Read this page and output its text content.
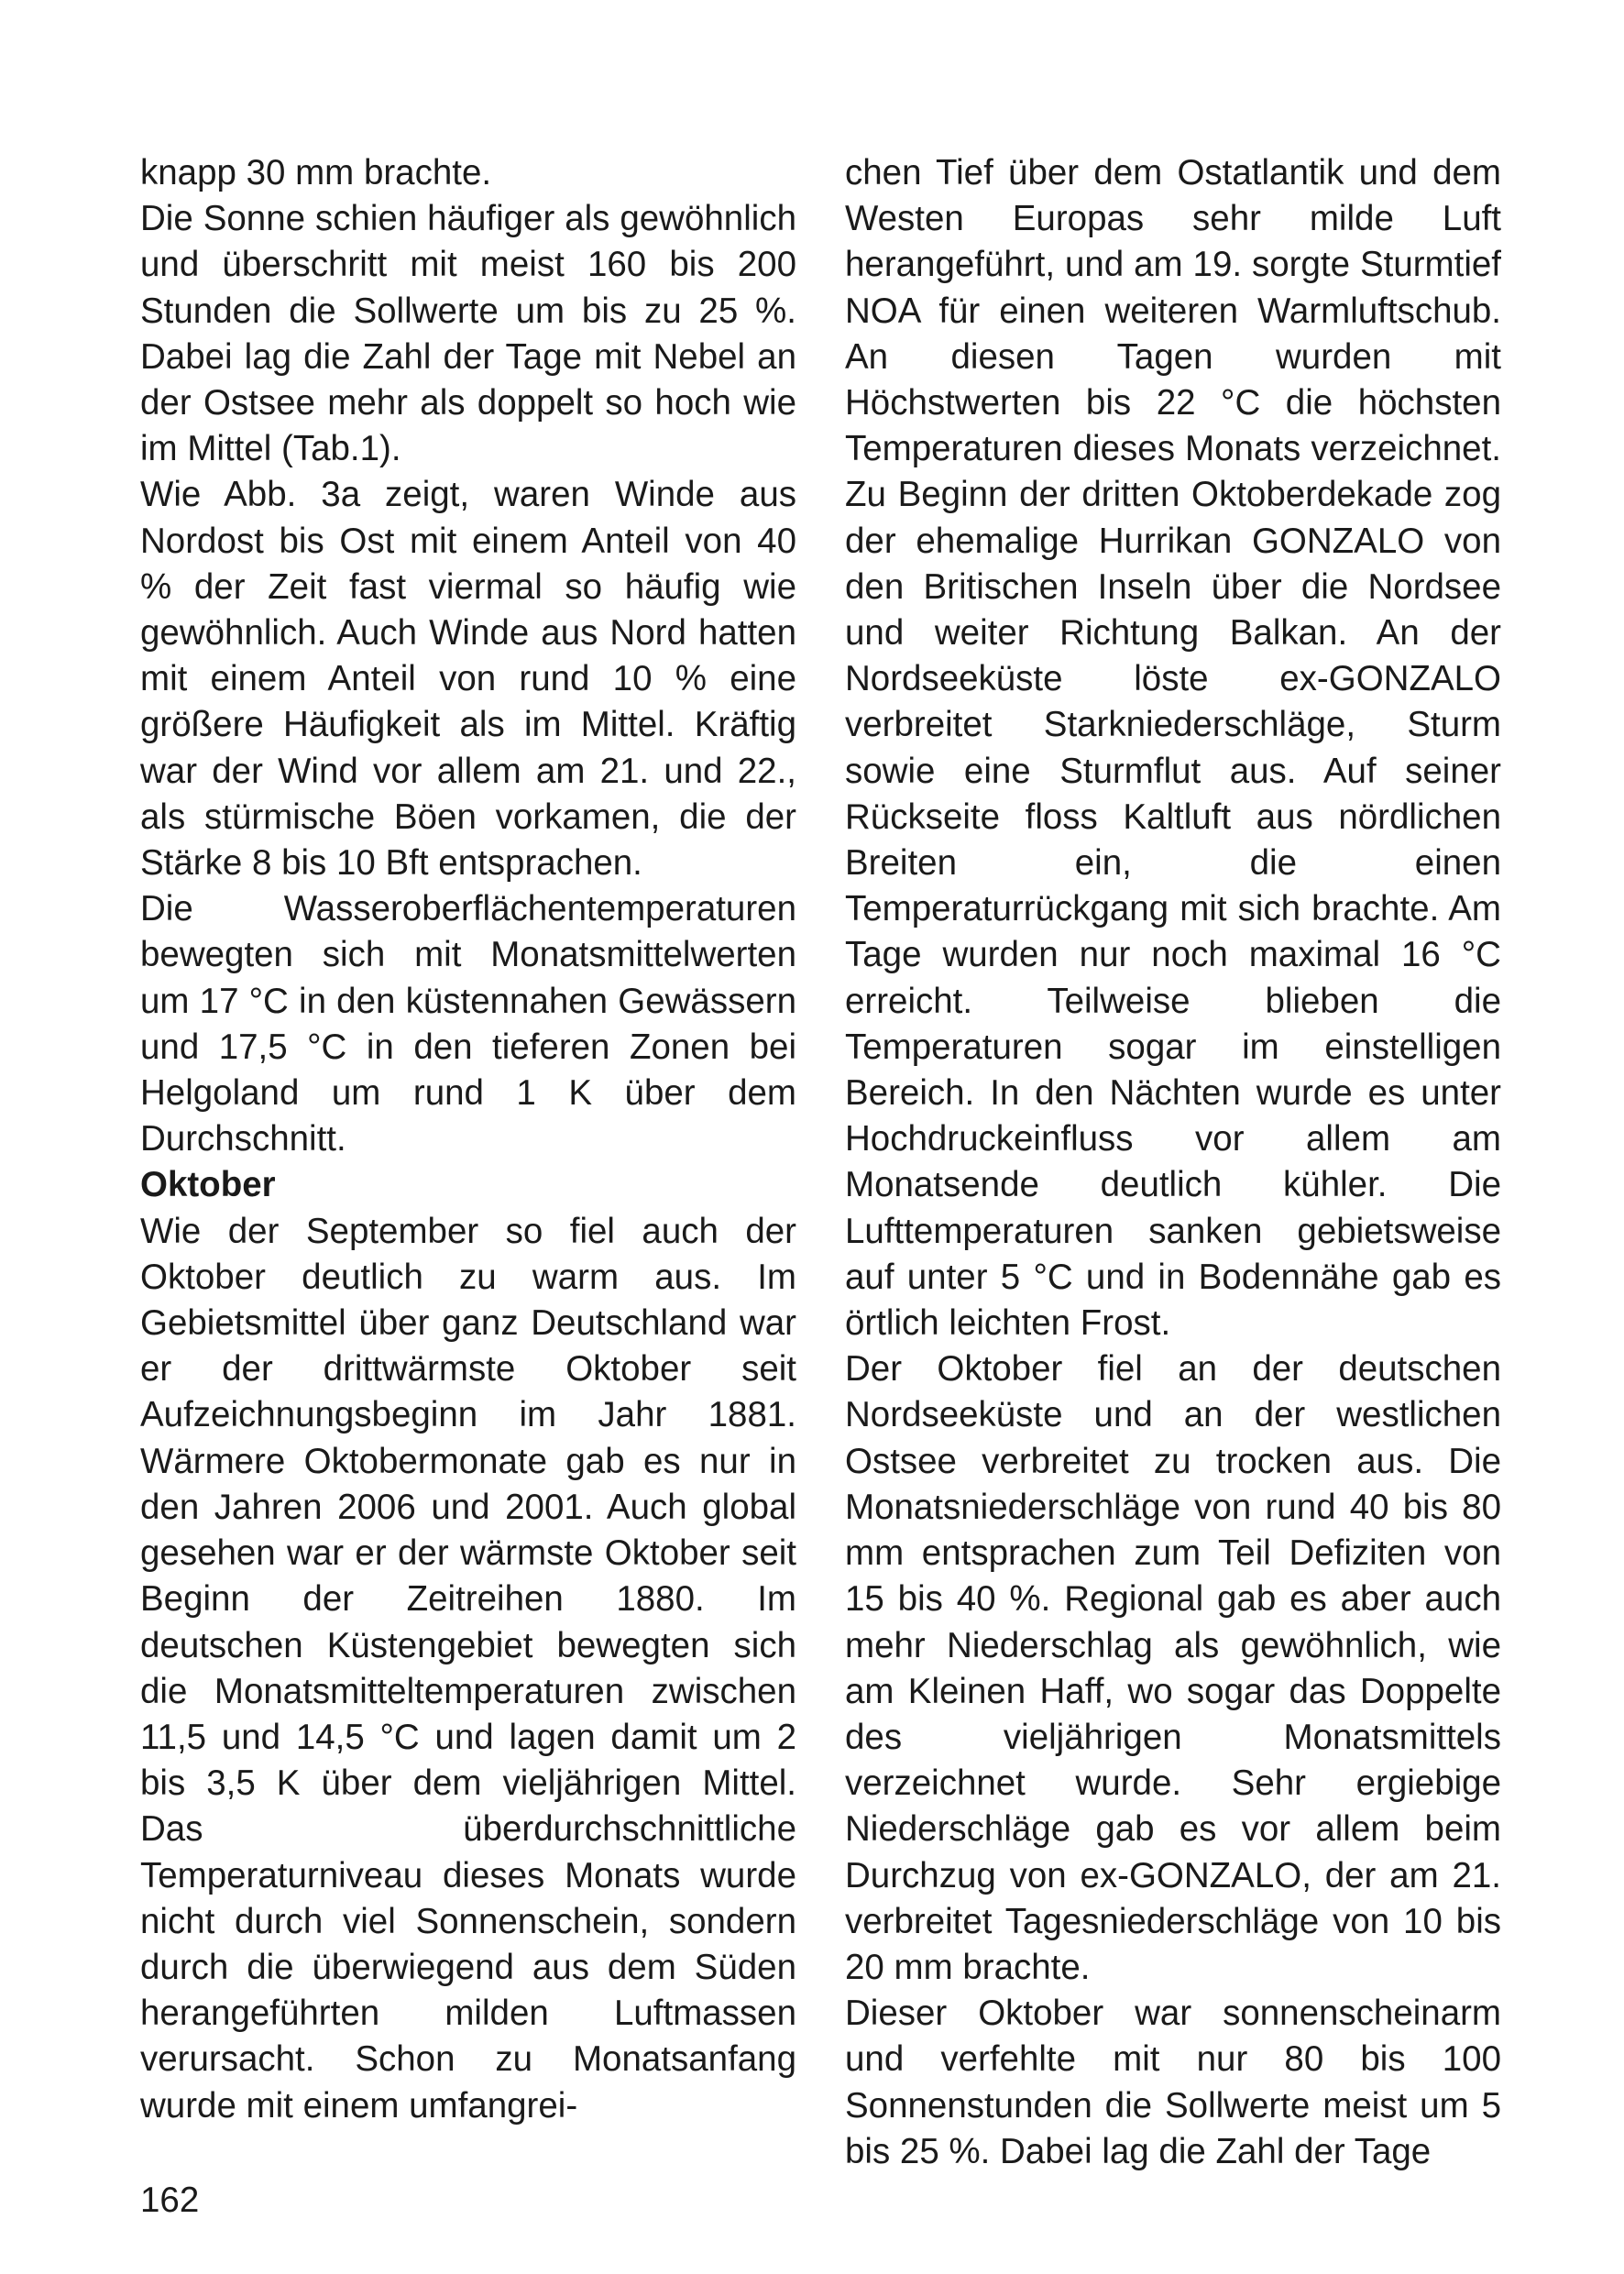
knapp 30 mm brachte.

Die Sonne schien häufiger als gewöhnlich und überschritt mit meist 160 bis 200 Stunden die Sollwerte um bis zu 25 %. Dabei lag die Zahl der Tage mit Nebel an der Ostsee mehr als doppelt so hoch wie im Mittel (Tab.1).

Wie Abb. 3a zeigt, waren Winde aus Nordost bis Ost mit einem Anteil von 40 % der Zeit fast viermal so häufig wie gewöhnlich. Auch Winde aus Nord hatten mit einem Anteil von rund 10 % eine größere Häufigkeit als im Mittel. Kräftig war der Wind vor allem am 21. und 22., als stürmische Böen vorkamen, die der Stärke 8 bis 10 Bft entsprachen.

Die Wasseroberflächentemperaturen bewegten sich mit Monatsmittelwerten um 17 °C in den küstennahen Gewässern und 17,5 °C in den tieferen Zonen bei Helgoland um rund 1 K über dem Durchschnitt.

Oktober

Wie der September so fiel auch der Oktober deutlich zu warm aus. Im Gebietsmittel über ganz Deutschland war er der drittwärmste Oktober seit Aufzeichnungsbeginn im Jahr 1881. Wärmere Oktobermonate gab es nur in den Jahren 2006 und 2001. Auch global gesehen war er der wärmste Oktober seit Beginn der Zeitreihen 1880. Im deutschen Küstengebiet bewegten sich die Monatsmitteltemperaturen zwischen 11,5 und 14,5 °C und lagen damit um 2 bis 3,5 K über dem vieljährigen Mittel. Das überdurchschnittliche Temperaturniveau dieses Monats wurde nicht durch viel Sonnenschein, sondern durch die überwiegend aus dem Süden herangeführten milden Luftmassen verursacht. Schon zu Monatsanfang wurde mit einem umfangrei-

chen Tief über dem Ostatlantik und dem Westen Europas sehr milde Luft herangeführt, und am 19. sorgte Sturmtief NOA für einen weiteren Warmluftschub. An diesen Tagen wurden mit Höchstwerten bis 22 °C die höchsten Temperaturen dieses Monats verzeichnet. Zu Beginn der dritten Oktoberdekade zog der ehemalige Hurrikan GONZALO von den Britischen Inseln über die Nordsee und weiter Richtung Balkan. An der Nordseeküste löste ex-GONZALO verbreitet Starkniederschläge, Sturm sowie eine Sturmflut aus. Auf seiner Rückseite floss Kaltluft aus nördlichen Breiten ein, die einen Temperaturrückgang mit sich brachte. Am Tage wurden nur noch maximal 16 °C erreicht. Teilweise blieben die Temperaturen sogar im einstelligen Bereich. In den Nächten wurde es unter Hochdruckeinfluss vor allem am Monatsende deutlich kühler. Die Lufttemperaturen sanken gebietsweise auf unter 5 °C und in Bodennähe gab es örtlich leichten Frost.

Der Oktober fiel an der deutschen Nordseeküste und an der westlichen Ostsee verbreitet zu trocken aus. Die Monatsniederschläge von rund 40 bis 80 mm entsprachen zum Teil Defiziten von 15 bis 40 %. Regional gab es aber auch mehr Niederschlag als gewöhnlich, wie am Kleinen Haff, wo sogar das Doppelte des vieljährigen Monatsmittels verzeichnet wurde. Sehr ergiebige Niederschläge gab es vor allem beim Durchzug von ex-GONZALO, der am 21. verbreitet Tagesniederschläge von 10 bis 20 mm brachte.

Dieser Oktober war sonnenscheinarm und verfehlte mit nur 80 bis 100 Sonnenstunden die Sollwerte meist um 5 bis 25 %. Dabei lag die Zahl der Tage

162
